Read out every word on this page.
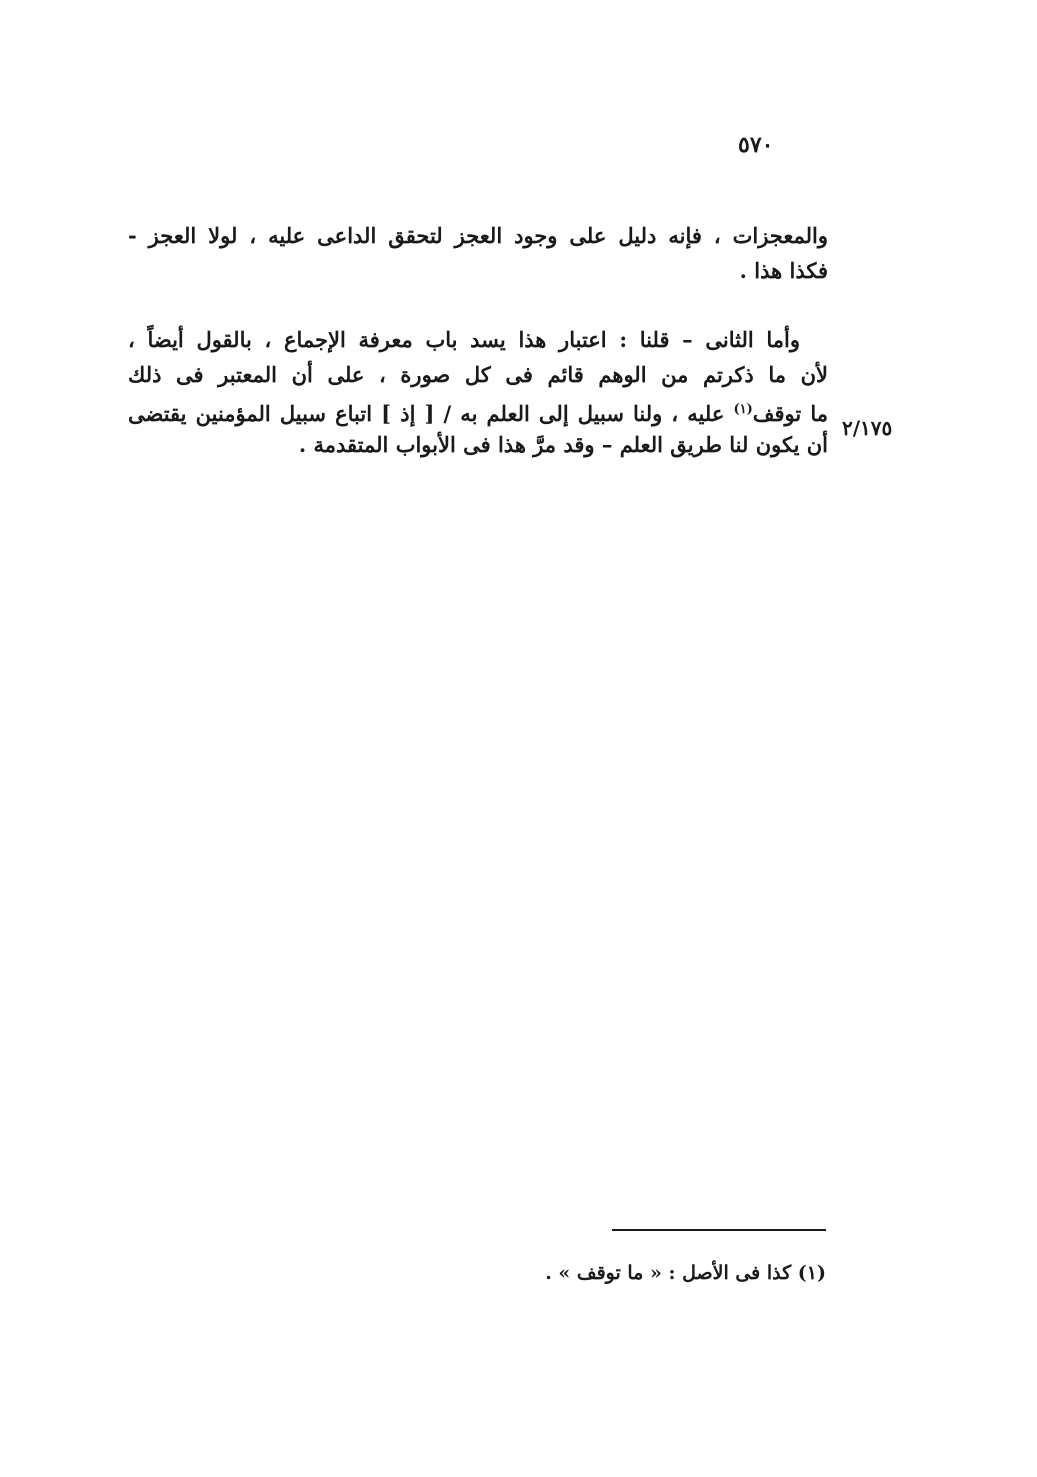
٥٧٠
والمعجزات ، فإنه دليل على وجود العجز لتحقق الداعى عليه ، لولا العجز -
فكذا هذا .
وأما الثانى – قلنا : اعتبار هذا يسد باب معرفة الإجماع ، بالقول أيضاً ،
لأن ما ذكرتم من الوهم قائم فى كل صورة ، على أن المعتبر فى ذلك
ما توقف$^{(١)}$ عليه ، ولنا سبيل إلى العلم به / [ إذ ] اتباع سبيل المؤمنين يقتضى
أن يكون لنا طريق العلم – وقد مرَّ هذا فى الأبواب المتقدمة .
٢/١٧٥
(١) كذا فى الأصل : « ما توقف » .
